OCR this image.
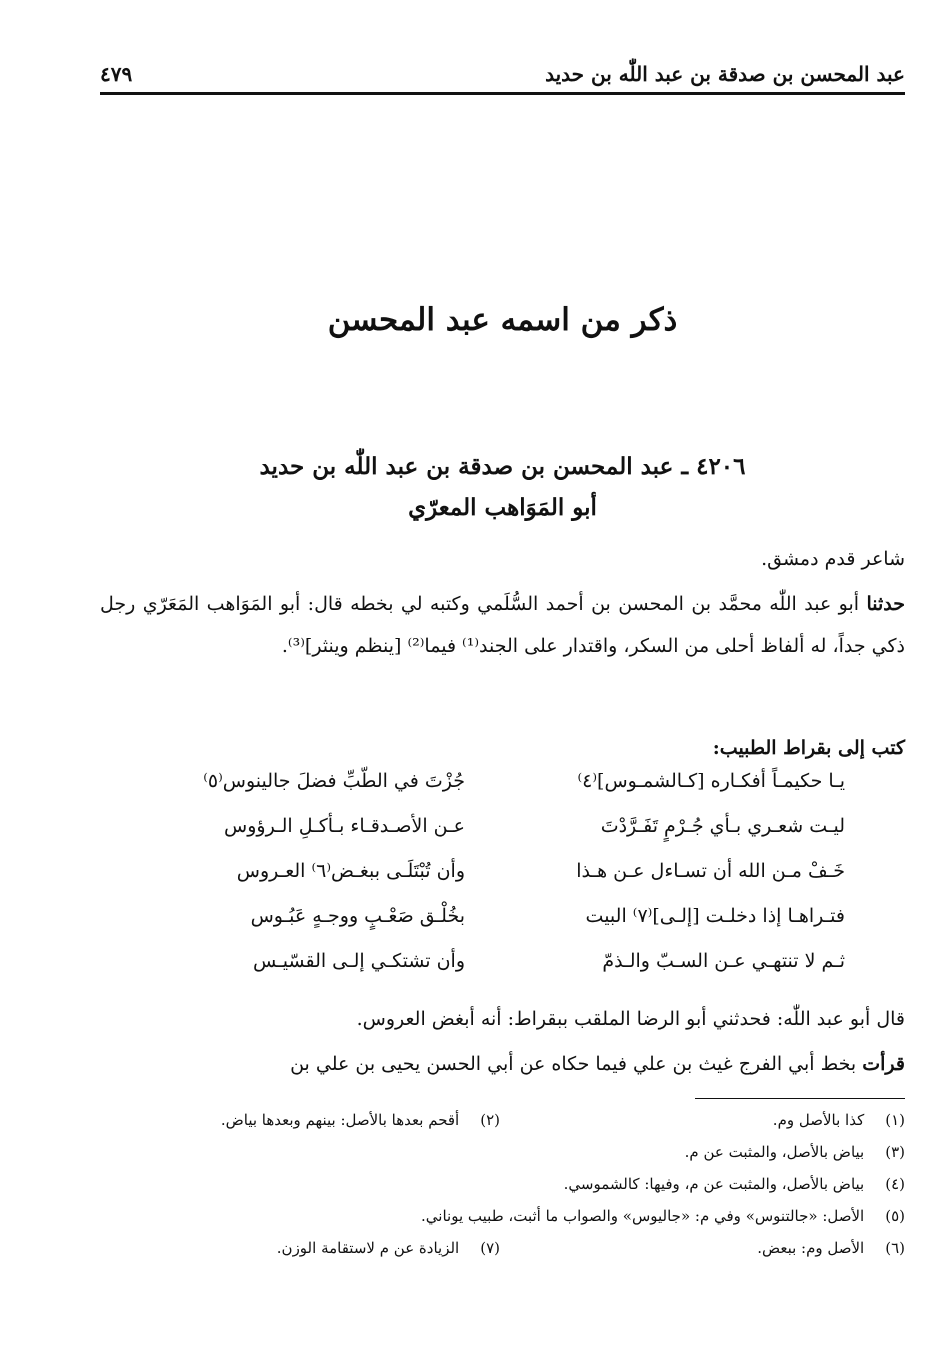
عبد المحسن بن صدقة بن عبد اللّٰه بن حديد
٤٧٩
ذكر من اسمه عبد المحسن
٤٢٠٦ ـ عبد المحسن بن صدقة بن عبد اللّٰه بن حديد
أبو المَوَاهب المعرّي
شاعر قدم دمشق.
حدثنا أبو عبد اللّٰه محمَّد بن المحسن بن أحمد السُّلَمي وكتبه لي بخطه قال: أبو المَوَاهب المَعَرّي رجل ذكي جداً، له ألفاظ أحلى من السكر، واقتدار على الجند⁽¹⁾ فيما⁽²⁾ [ينظم وينثر]⁽³⁾.
كتب إلى بقراط الطبيب:
يـا حكيمـاً أفكـاره [كـالشمـوس]⁽٤⁾
جُزْتَ في الطّبِّ فضلَ جالينوس⁽٥⁾
ليـت شعـري بـأي جُـرْمٍ تَفَـرَّدْتَ
عـن الأصـدقـاء بـأكـلِ الـرؤوس
خَـفْ مـن الله أن تسـاءل عـن هـذا
وأن تُبْتَلَـى ببغـض⁽٦⁾ العـروس
فتـراهـا إذا دخلـت [إلـى]⁽٧⁾ البيت
بخُلْـق صَعْـبٍ ووجـهٍ عَبُـوس
ثـم لا تنتهـي عـن السـبّ والـذمّ
وأن تشتكـي إلـى القسّيـس
قال أبو عبد اللّٰه: فحدثني أبو الرضا الملقب ببقراط: أنه أبغض العروس.
قرأت بخط أبي الفرج غيث بن علي فيما حكاه عن أبي الحسن يحيى بن علي بن
(١) كذا بالأصل وم.
(٢) أقحم بعدها بالأصل: بينهم وبعدها بياض.
(٣) بياض بالأصل، والمثبت عن م.
(٤) بياض بالأصل، والمثبت عن م، وفيها: كالشموسي.
(٥) الأصل: «جالتنوس» وفي م: «جاليوس» والصواب ما أثبت، طبيب يوناني.
(٦) الأصل وم: ببعض.
(٧) الزيادة عن م لاستقامة الوزن.
